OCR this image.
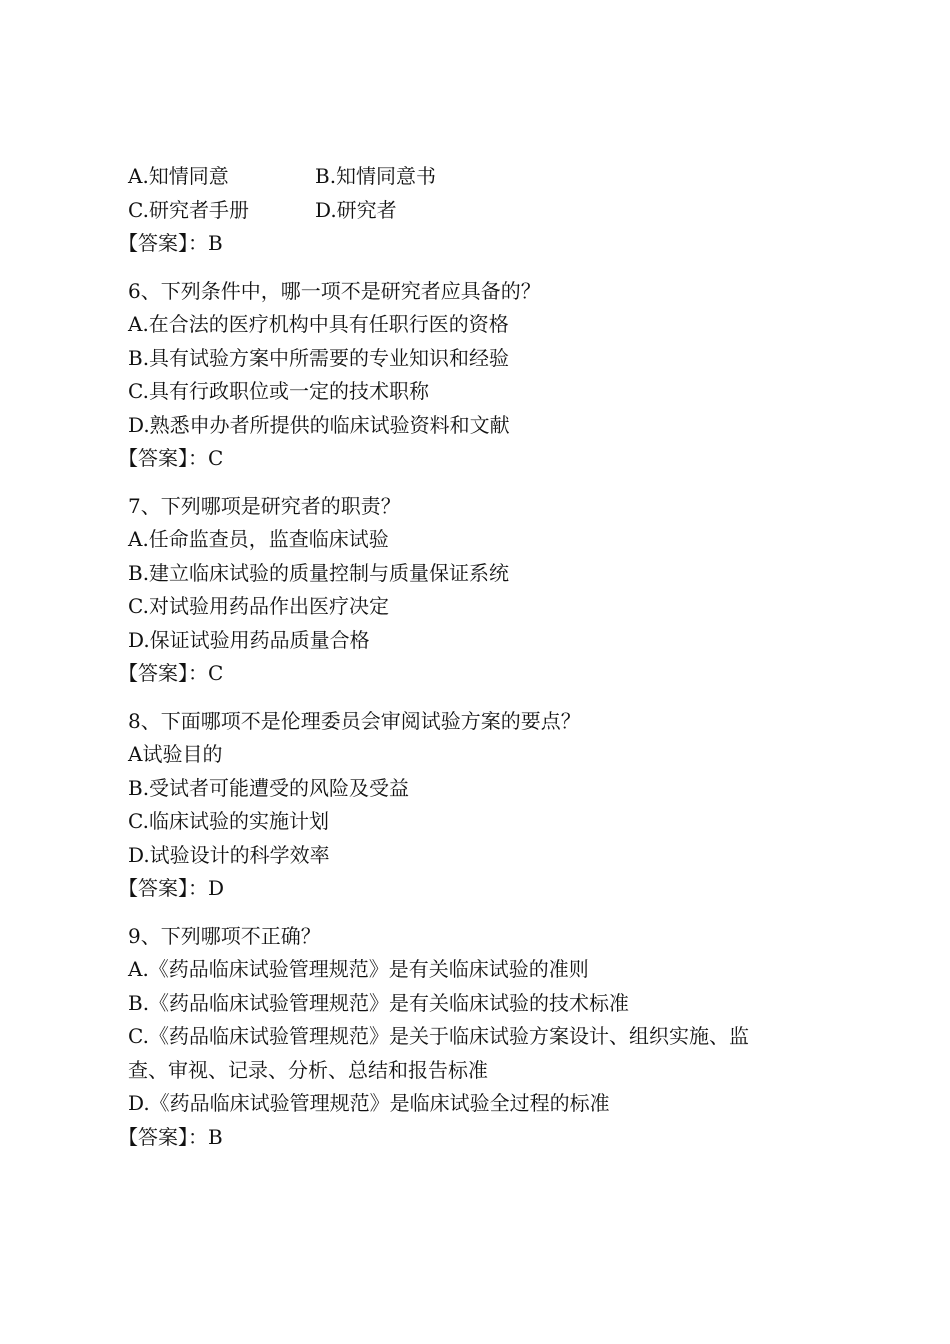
A.知情同意	B.知情同意书
C.研究者手册	D.研究者
【答案】：B
6、下列条件中，哪一项不是研究者应具备的？
A.在合法的医疗机构中具有任职行医的资格
B.具有试验方案中所需要的专业知识和经验
C.具有行政职位或一定的技术职称
D.熟悉申办者所提供的临床试验资料和文献
【答案】：C
7、下列哪项是研究者的职责？
A.任命监查员，监查临床试验
B.建立临床试验的质量控制与质量保证系统
C.对试验用药品作出医疗决定
D.保证试验用药品质量合格
【答案】：C
8、下面哪项不是伦理委员会审阅试验方案的要点？
A试验目的
B.受试者可能遭受的风险及受益
C.临床试验的实施计划
D.试验设计的科学效率
【答案】：D
9、下列哪项不正确？
A.《药品临床试验管理规范》是有关临床试验的准则
B.《药品临床试验管理规范》是有关临床试验的技术标准
C.《药品临床试验管理规范》是关于临床试验方案设计、组织实施、监
查、审视、记录、分析、总结和报告标准
D.《药品临床试验管理规范》是临床试验全过程的标准
【答案】：B
